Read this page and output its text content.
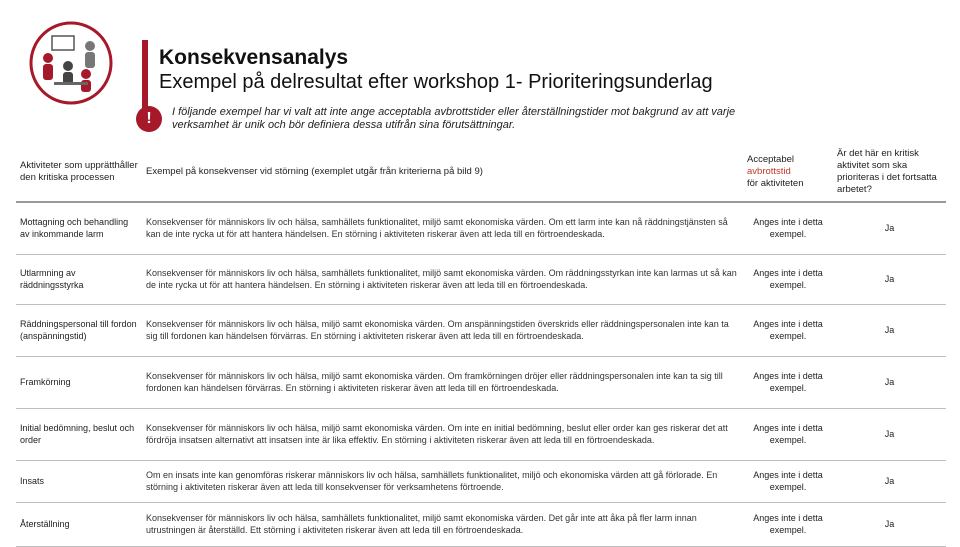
Konsekvensanalys
Exempel på delresultat efter workshop 1- Prioriteringsunderlag
!	I följande exempel har vi valt att inte ange acceptabla avbrottstider eller återställningstider mot bakgrund av att varje verksamhet är unik och bör definiera dessa utifrån sina förutsättningar.
Aktiviteter som upprätthåller den kritiska processen	Exempel på konsekvenser vid störning (exemplet utgår från kriterierna på bild 9)	Acceptabel
avbrottstid
för aktiviteten	Är det här en kritisk aktivitet som ska prioriteras i det fortsatta arbetet?
Mottagning och behandling av inkommande larm	Konsekvenser för människors liv och hälsa, samhällets funktionalitet, miljö samt ekonomiska värden. Om ett larm inte kan nå räddningstjänsten så kan de inte rycka ut för att hantera händelsen. En störning i aktiviteten riskerar även att leda till en förtroendeskada.	Anges inte i detta exempel.	Ja
Utlarmning av räddningsstyrka	Konsekvenser för människors liv och hälsa, samhällets funktionalitet, miljö samt ekonomiska värden. Om räddningsstyrkan inte kan larmas ut så kan de inte rycka ut för att hantera händelsen. En störning i aktiviteten riskerar även att leda till en förtroendeskada.	Anges inte i detta exempel.	Ja
Räddningspersonal till fordon (anspänningstid)	Konsekvenser för människors liv och hälsa, miljö samt ekonomiska värden. Om anspänningstiden överskrids eller räddningspersonalen inte kan ta sig till fordonen kan händelsen förvärras. En störning i aktiviteten riskerar även att leda till en förtroendeskada.	Anges inte i detta exempel.	Ja
Framkörning	Konsekvenser för människors liv och hälsa, miljö samt ekonomiska värden. Om framkörningen dröjer eller räddningspersonalen inte kan ta sig till fordonen kan händelsen förvärras. En störning i aktiviteten riskerar även att leda till en förtroendeskada.	Anges inte i detta exempel.	Ja
Initial bedömning, beslut och order	Konsekvenser för människors liv och hälsa, miljö samt ekonomiska värden. Om inte en initial bedömning, beslut eller order kan ges riskerar det att fördröja insatsen alternativt att insatsen inte är lika effektiv. En störning i aktiviteten riskerar även att leda till en förtroendeskada.	Anges inte i detta exempel.	Ja
Insats	Om en insats inte kan genomföras riskerar människors liv och hälsa, samhällets funktionalitet, miljö och ekonomiska värden att gå förlorade. En störning i aktiviteten riskerar även att leda till konsekvenser för verksamhetens förtroende.	Anges inte i detta exempel.	Ja
Återställning	Konsekvenser för människors liv och hälsa, samhällets funktionalitet, miljö samt ekonomiska värden. Det går inte att åka på fler larm innan utrustningen är återställd. Ett störning i aktiviteten riskerar även att leda till en förtroendeskada.	Anges inte i detta exempel.	Ja
